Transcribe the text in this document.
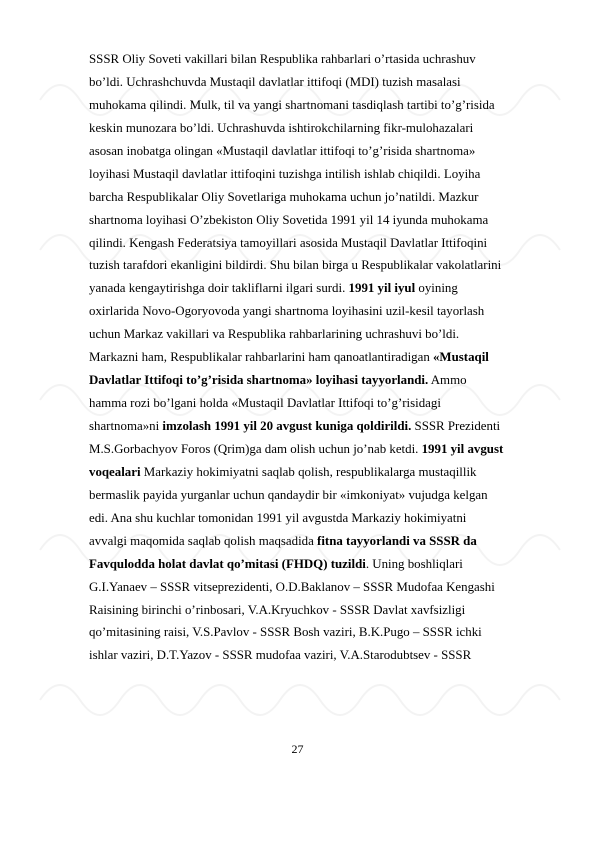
SSSR Oliy Soveti vakillari bilan Respublika rahbarlari o’rtasida uchrashuv
bo’ldi. Uchrashchuvda Mustaqil davlatlar ittifoqi (MDI) tuzish masalasi
muhokama qilindi. Mulk, til va yangi shartnomani tasdiqlash tartibi to’g’risida
keskin munozara bo’ldi. Uchrashuvda ishtirokchilarning fikr-mulohazalari
asosan inobatga olingan «Mustaqil davlatlar ittifoqi to’g’risida shartnoma»
loyihasi Mustaqil davlatlar ittifoqini tuzishga intilish ishlab chiqildi. Loyiha
barcha Respublikalar Oliy Sovetlariga muhokama uchun jo’natildi. Mazkur
shartnoma loyihasi O’zbekiston Oliy Sovetida 1991 yil 14 iyunda muhokama
qilindi. Kengash Federatsiya tamoyillari asosida Mustaqil Davlatlar Ittifoqini
tuzish tarafdori ekanligini bildirdi. Shu bilan birga u Respublikalar vakolatlarini
yanada kengaytirishga doir takliflarni ilgari surdi. 1991 yil iyul oyining
oxirlarida Novo-Ogoryovoda yangi shartnoma loyihasini uzil-kesil tayorlash
uchun Markaz vakillari va Respublika rahbarlarining uchrashuvi bo’ldi.
Markazni ham, Respublikalar rahbarlarini ham qanoatlantiradigan «Mustaqil
Davlatlar Ittifoqi to’g’risida shartnoma» loyihasi tayyorlandi. Ammo
hamma rozi bo’lgani holda «Mustaqil Davlatlar Ittifoqi to’g’risidagi
shartnoma»ni imzolash 1991 yil 20 avgust kuniga qoldirildi. SSSR Prezidenti
M.S.Gorbachyov Foros (Qrim)ga dam olish uchun jo’nab ketdi. 1991 yil avgust
voqealari Markaziy hokimiyatni saqlab qolish, respublikalarga mustaqillik
bermaslik payida yurganlar uchun qandaydir bir «imkoniyat» vujudga kelgan
edi. Ana shu kuchlar tomonidan 1991 yil avgustda Markaziy hokimiyatni
avvalgi maqomida saqlab qolish maqsadida fitna tayyorlandi va SSSR da
Favqulodda holat davlat qo’mitasi (FHDQ) tuzildi. Uning boshliqlari
G.I.Yanaev – SSSR vitseprezidenti, O.D.Baklanov – SSSR Mudofaa Kengashi
Raisining birinchi o’rinbosari, V.A.Kryuchkov - SSSR Davlat xavfsizligi
qo’mitasining raisi, V.S.Pavlov - SSSR Bosh vaziri, B.K.Pugo – SSSR ichki
ishlar vaziri, D.T.Yazov - SSSR mudofaa vaziri, V.A.Starodubtsev - SSSR
27
